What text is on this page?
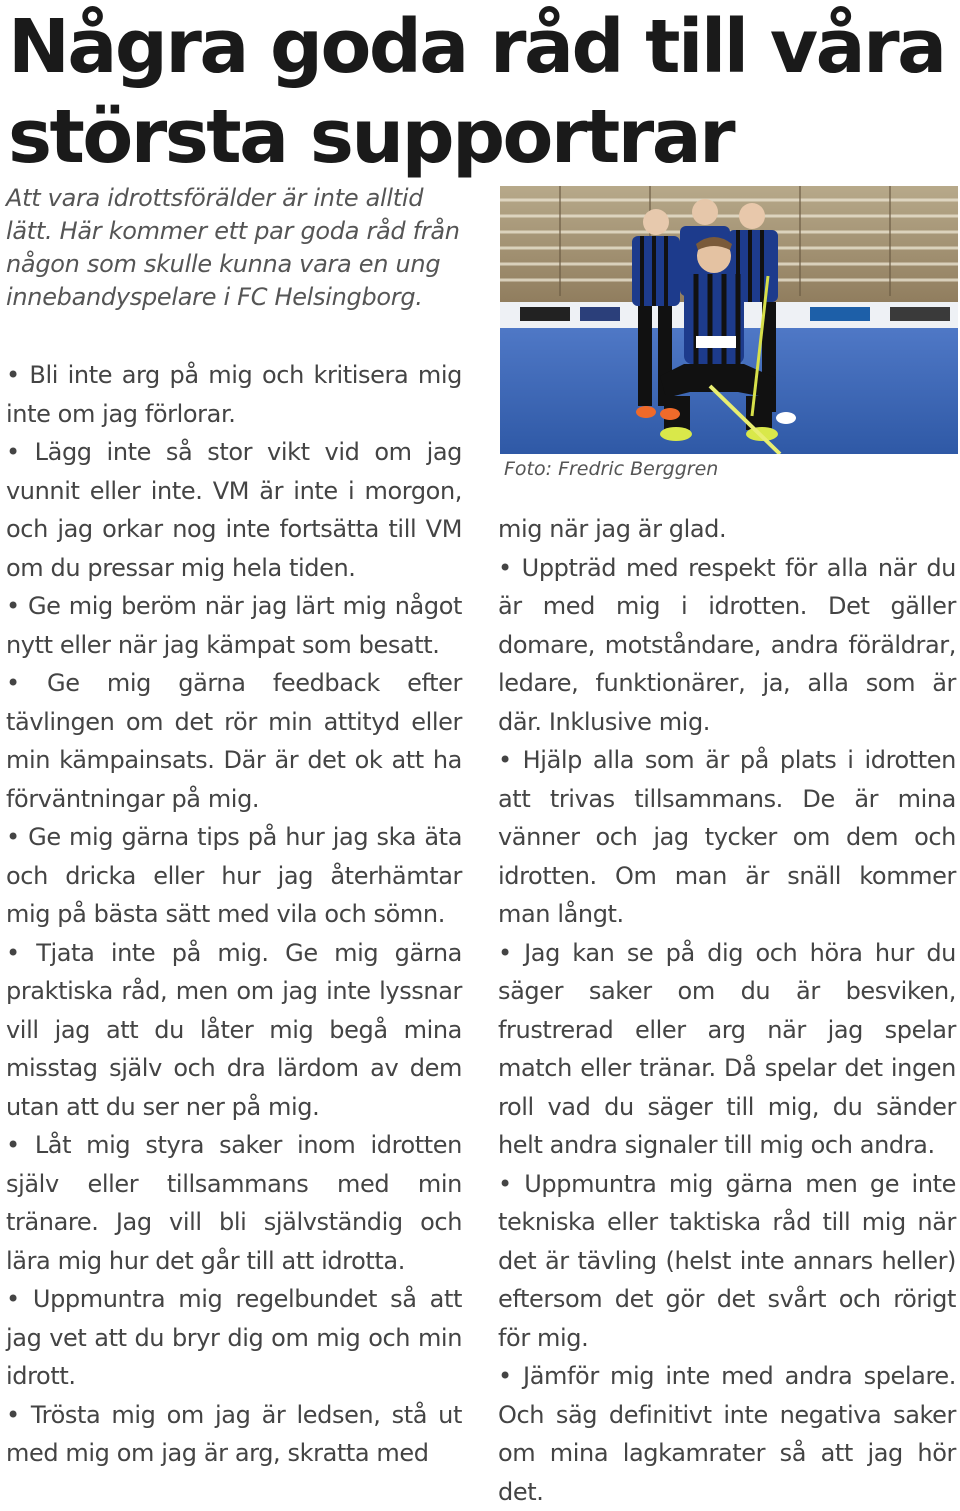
Några goda råd till våra största supportrar
Att vara idrottsförälder är inte alltid lätt. Här kommer ett par goda råd från någon som skulle kunna vara en ung innebandyspelare i FC Helsingborg.
Foto: Fredric Berggren

• Bli inte arg på mig och kritisera mig inte om jag förlorar.

• Lägg inte så stor vikt vid om jag vunnit eller inte. VM är inte i morgon, och jag orkar nog inte fortsätta till VM om du pressar mig hela tiden.

• Ge mig beröm när jag lärt mig något nytt eller när jag kämpat som besatt.

• Ge mig gärna feedback efter tävlingen om det rör min attityd eller min kämpainsats. Där är det ok att ha förväntningar på mig.

• Ge mig gärna tips på hur jag ska äta och dricka eller hur jag återhämtar mig på bästa sätt med vila och sömn.

• Tjata inte på mig. Ge mig gärna praktiska råd, men om jag inte lyssnar vill jag att du låter mig begå mina misstag själv och dra lärdom av dem utan att du ser ner på mig.

• Låt mig styra saker inom idrotten själv eller tillsammans med min tränare. Jag vill bli självständig och lära mig hur det går till att idrotta.

• Uppmuntra mig regelbundet så att jag vet att du bryr dig om mig och min idrott.

• Trösta mig om jag är ledsen, stå ut med mig om jag är arg, skratta med

mig när jag är glad.

• Uppträd med respekt för alla när du är med mig i idrotten. Det gäller domare, motståndare, andra föräldrar, ledare, funktionärer, ja, alla som är där. Inklusive mig.

• Hjälp alla som är på plats i idrotten att trivas tillsammans. De är mina vänner och jag tycker om dem och idrotten. Om man är snäll kommer man långt.

• Jag kan se på dig och höra hur du säger saker om du är besviken, frustrerad eller arg när jag spelar match eller tränar. Då spelar det ingen roll vad du säger till mig, du sänder helt andra signaler till mig och andra.

• Uppmuntra mig gärna men ge inte tekniska eller taktiska råd till mig när det är tävling (helst inte annars heller) eftersom det gör det svårt och rörigt för mig.

• Jämför mig inte med andra spelare. Och säg definitivt inte negativa saker om mina lagkamrater så att jag hör det.
